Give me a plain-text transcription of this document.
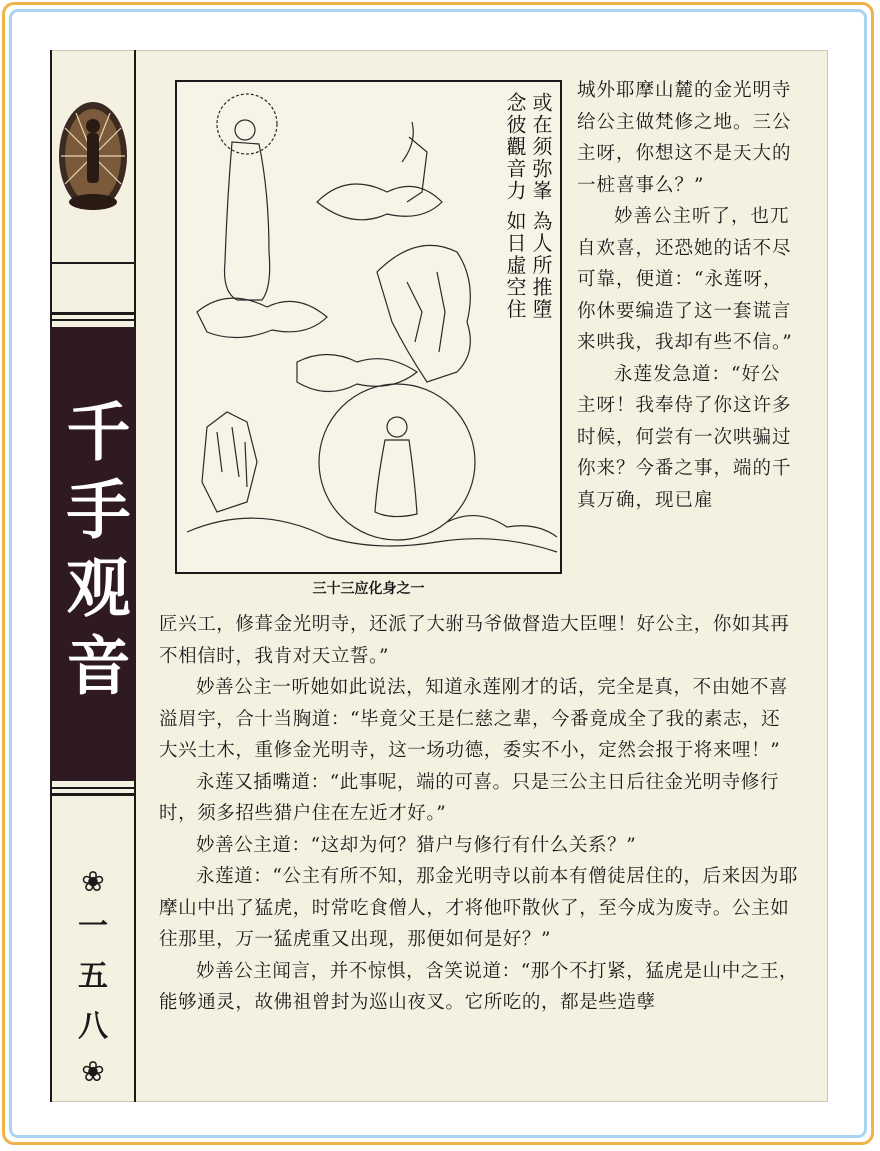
千手观音
❀
一
五
八
❀
或在须弥峯 為人所推墮
念彼觀音力 如日虛空住
三十三应化身之一

城外耶摩山麓的金光明寺给公主做梵修之地。三公主呀，你想这不是天大的一桩喜事么？”

妙善公主听了，也兀自欢喜，还恐她的话不尽可靠，便道：“永莲呀，你休要编造了这一套谎言来哄我，我却有些不信。”

永莲发急道：“好公主呀！我奉侍了你这许多时候，何尝有一次哄骗过你来？今番之事，端的千真万确，现已雇

匠兴工，修葺金光明寺，还派了大驸马爷做督造大臣哩！好公主，你如其再不相信时，我肯对天立誓。”

妙善公主一听她如此说法，知道永莲刚才的话，完全是真，不由她不喜溢眉宇，合十当胸道：“毕竟父王是仁慈之辈，今番竟成全了我的素志，还大兴土木，重修金光明寺，这一场功德，委实不小，定然会报于将来哩！”

永莲又插嘴道：“此事呢，端的可喜。只是三公主日后往金光明寺修行时，须多招些猎户住在左近才好。”

妙善公主道：“这却为何？猎户与修行有什么关系？”

永莲道：“公主有所不知，那金光明寺以前本有僧徒居住的，后来因为耶摩山中出了猛虎，时常吃食僧人，才将他吓散伙了，至今成为废寺。公主如往那里，万一猛虎重又出现，那便如何是好？”

妙善公主闻言，并不惊惧，含笑说道：“那个不打紧，猛虎是山中之王，能够通灵，故佛祖曾封为巡山夜叉。它所吃的，都是些造孽
